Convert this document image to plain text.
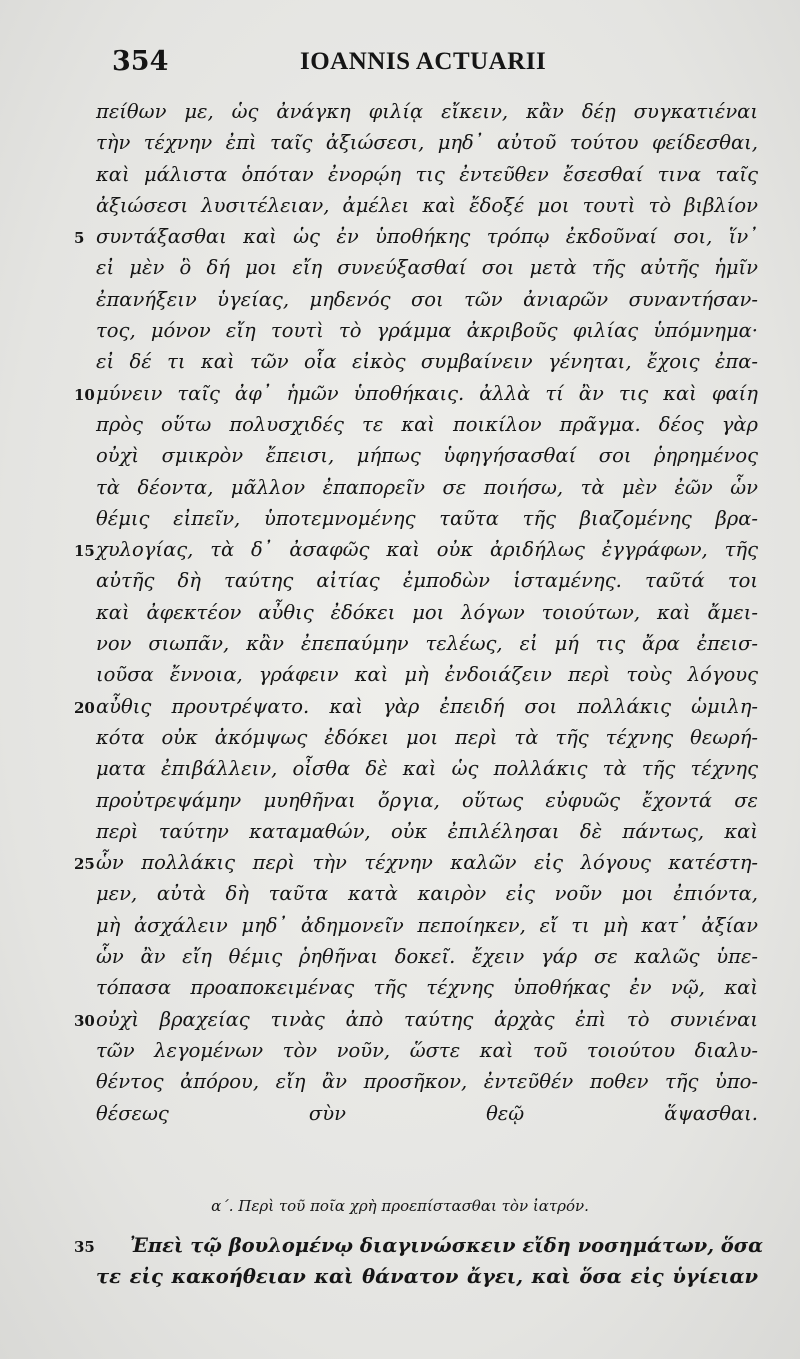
354	IOANNIS ACTUARII
πείθων με, ὡς ἀνάγκη φιλίᾳ εἴκειν, κἂν δέῃ συγκατιέναι
τὴν τέχνην ἐπὶ ταῖς ἀξιώσεσι, μηδ᾽ αὐτοῦ τούτου φείδεσθαι,
καὶ μάλιστα ὁπόταν ἐνορῴη τις ἐντεῦθεν ἔσεσθαί τινα ταῖς
ἀξιώσεσι λυσιτέλειαν, ἀμέλει καὶ ἔδοξέ μοι τουτὶ τὸ βιβλίον
5 συντάξασθαι καὶ ὡς ἐν ὑποθήκης τρόπῳ ἐκδοῦναί σοι, ἵν᾽
εἰ μὲν ὃ δή μοι εἴη συνεύξασθαί σοι μετὰ τῆς αὐτῆς ἡμῖν
ἐπανήξειν ὑγείας, μηδενός σοι τῶν ἀνιαρῶν συναντήσαν-
τος, μόνον εἴη τουτὶ τὸ γράμμα ἀκριβοῦς φιλίας ὑπόμνημα·
εἰ δέ τι καὶ τῶν οἷα εἰκὸς συμβαίνειν γένηται, ἔχοις ἐπα-
10 μύνειν ταῖς ἀφ᾽ ἡμῶν ὑποθήκαις. ἀλλὰ τί ἂν τις καὶ φαίη
πρὸς οὕτω πολυσχιδές τε καὶ ποικίλον πρᾶγμα. δέος γὰρ
οὐχὶ σμικρὸν ἔπεισι, μήπως ὑφηγήσασθαί σοι ῥηρημένος
τὰ δέοντα, μᾶλλον ἐπαπορεῖν σε ποιήσω, τὰ μὲν ἐῶν ὧν
θέμις εἰπεῖν, ὑποτεμνομένης ταῦτα τῆς βιαζομένης βρα-
15 χυλογίας, τὰ δ᾽ ἀσαφῶς καὶ οὐκ ἀριδήλως ἐγγράφων, τῆς
αὐτῆς δὴ ταύτης αἰτίας ἐμποδὼν ἱσταμένης. ταῦτά τοι
καὶ ἀφεκτέον αὖθις ἐδόκει μοι λόγων τοιούτων, καὶ ἄμει-
νον σιωπᾶν, κἂν ἐπεπαύμην τελέως, εἰ μή τις ἄρα ἐπεισ-
ιοῦσα ἔννοια, γράφειν καὶ μὴ ἐνδοιάζειν περὶ τοὺς λόγους
20 αὖθις προυτρέψατο. καὶ γὰρ ἐπειδή σοι πολλάκις ὡμιλη-
κότα οὐκ ἀκόμψως ἐδόκει μοι περὶ τὰ τῆς τέχνης θεωρή-
ματα ἐπιβάλλειν, οἶσθα δὲ καὶ ὡς πολλάκις τὰ τῆς τέχνης
προὐτρεψάμην μυηθῆναι ὄργια, οὕτως εὐφυῶς ἔχοντά σε
περὶ ταύτην καταμαθών, οὐκ ἐπιλέλησαι δὲ πάντως, καὶ
25 ὧν πολλάκις περὶ τὴν τέχνην καλῶν εἰς λόγους κατέστη-
μεν, αὐτὰ δὴ ταῦτα κατὰ καιρὸν εἰς νοῦν μοι ἐπιόντα,
μὴ ἀσχάλειν μηδ᾽ ἀδημονεῖν πεποίηκεν, εἴ τι μὴ κατ᾽ ἀξίαν
ὧν ἂν εἴη θέμις ῥηθῆναι δοκεῖ. ἔχειν γάρ σε καλῶς ὑπε-
τόπασα προαποκειμένας τῆς τέχνης ὑποθήκας ἐν νῷ, καὶ
30 οὐχὶ βραχείας τινὰς ἀπὸ ταύτης ἀρχὰς ἐπὶ τὸ συνιέναι
τῶν λεγομένων τὸν νοῦν, ὥστε καὶ τοῦ τοιούτου διαλυ-
θέντος ἀπόρου, εἴη ἂν προσῆκον, ἐντεῦθέν ποθεν τῆς ὑπο-
θέσεως σὺν θεῷ ἅψασθαι.
α΄. Περὶ τοῦ ποῖα χρὴ προεπίστασθαι τὸν ἰατρόν.
35 Ἐπεὶ τῷ βουλομένῳ διαγινώσκειν εἴδη νοσημάτων, ὅσα
τε εἰς κακοήθειαν καὶ θάνατον ἄγει, καὶ ὅσα εἰς ὑγίειαν
